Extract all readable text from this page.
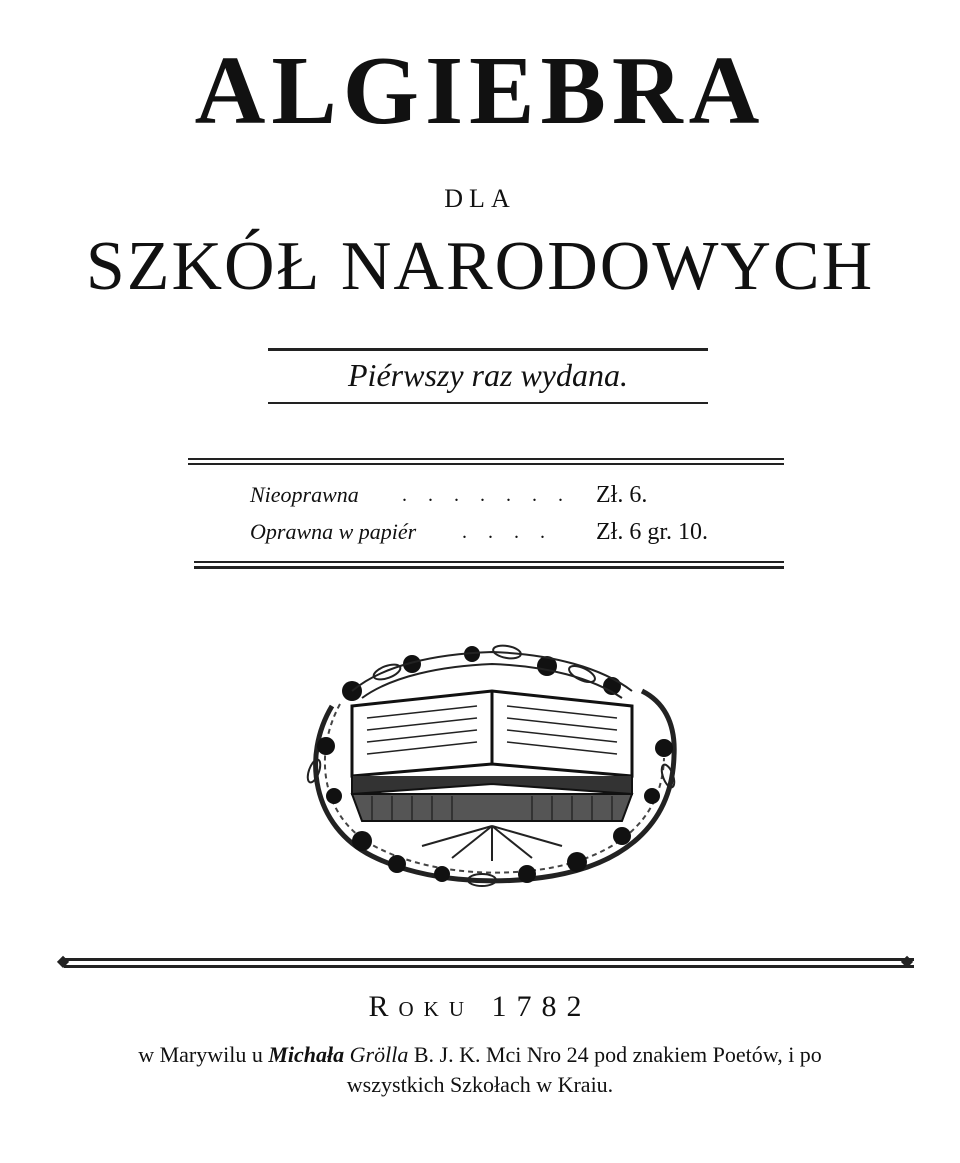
ALGIEBRA
DLA
SZKÓŁ NARODOWYCH
Piérwszy raz wydana.
Nieoprawna . . . . . . . Zł. 6.
Oprawna w papiér . . . . Zł. 6 gr. 10.
◆	◆
Roku 1782
w Marywilu u Michała Grölla B. J. K. Mci Nro 24 pod znakiem Poetów, i po
wszystkich Szkołach w Kraiu.
